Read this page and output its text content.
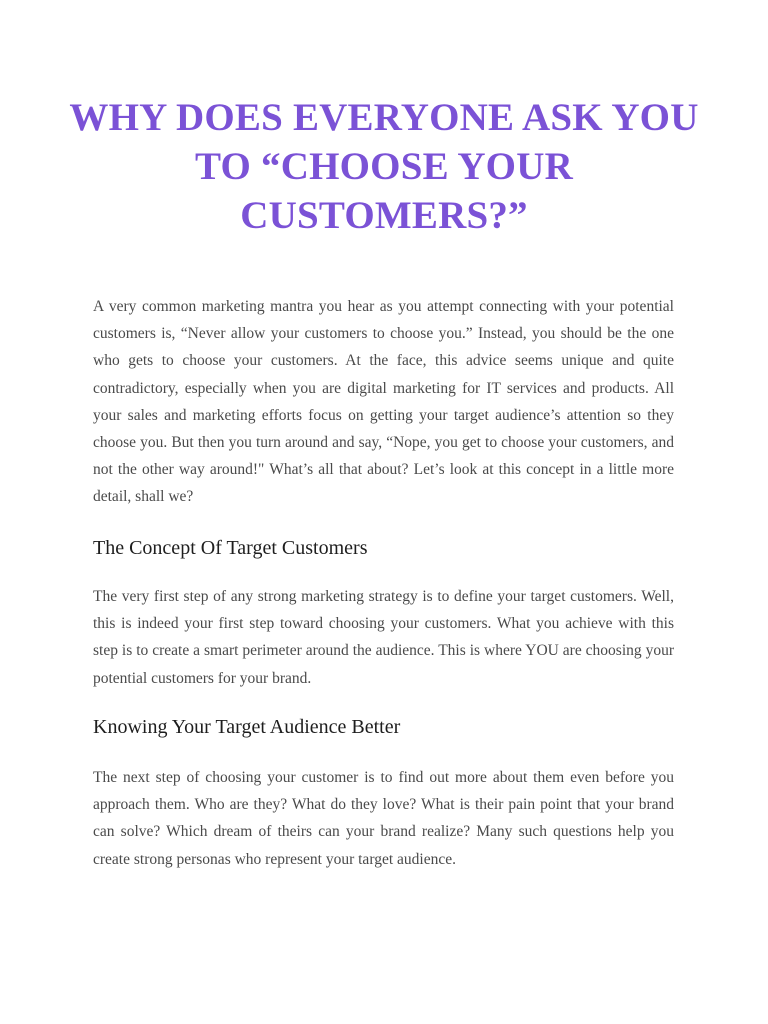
WHY DOES EVERYONE ASK YOU TO “CHOOSE YOUR CUSTOMERS?”

A very common marketing mantra you hear as you attempt connecting with your potential customers is, “Never allow your customers to choose you.” Instead, you should be the one who gets to choose your customers. At the face, this advice seems unique and quite contradictory, especially when you are digital marketing for IT services and products. All your sales and marketing efforts focus on getting your target audience’s attention so they choose you. But then you turn around and say, “Nope, you get to choose your customers, and not the other way around!" What’s all that about? Let’s look at this concept in a little more detail, shall we?

The Concept Of Target Customers

The very first step of any strong marketing strategy is to define your target customers. Well, this is indeed your first step toward choosing your customers. What you achieve with this step is to create a smart perimeter around the audience. This is where YOU are choosing your potential customers for your brand.

Knowing Your Target Audience Better

The next step of choosing your customer is to find out more about them even before you approach them. Who are they? What do they love? What is their pain point that your brand can solve? Which dream of theirs can your brand realize? Many such questions help you create strong personas who represent your target audience.
